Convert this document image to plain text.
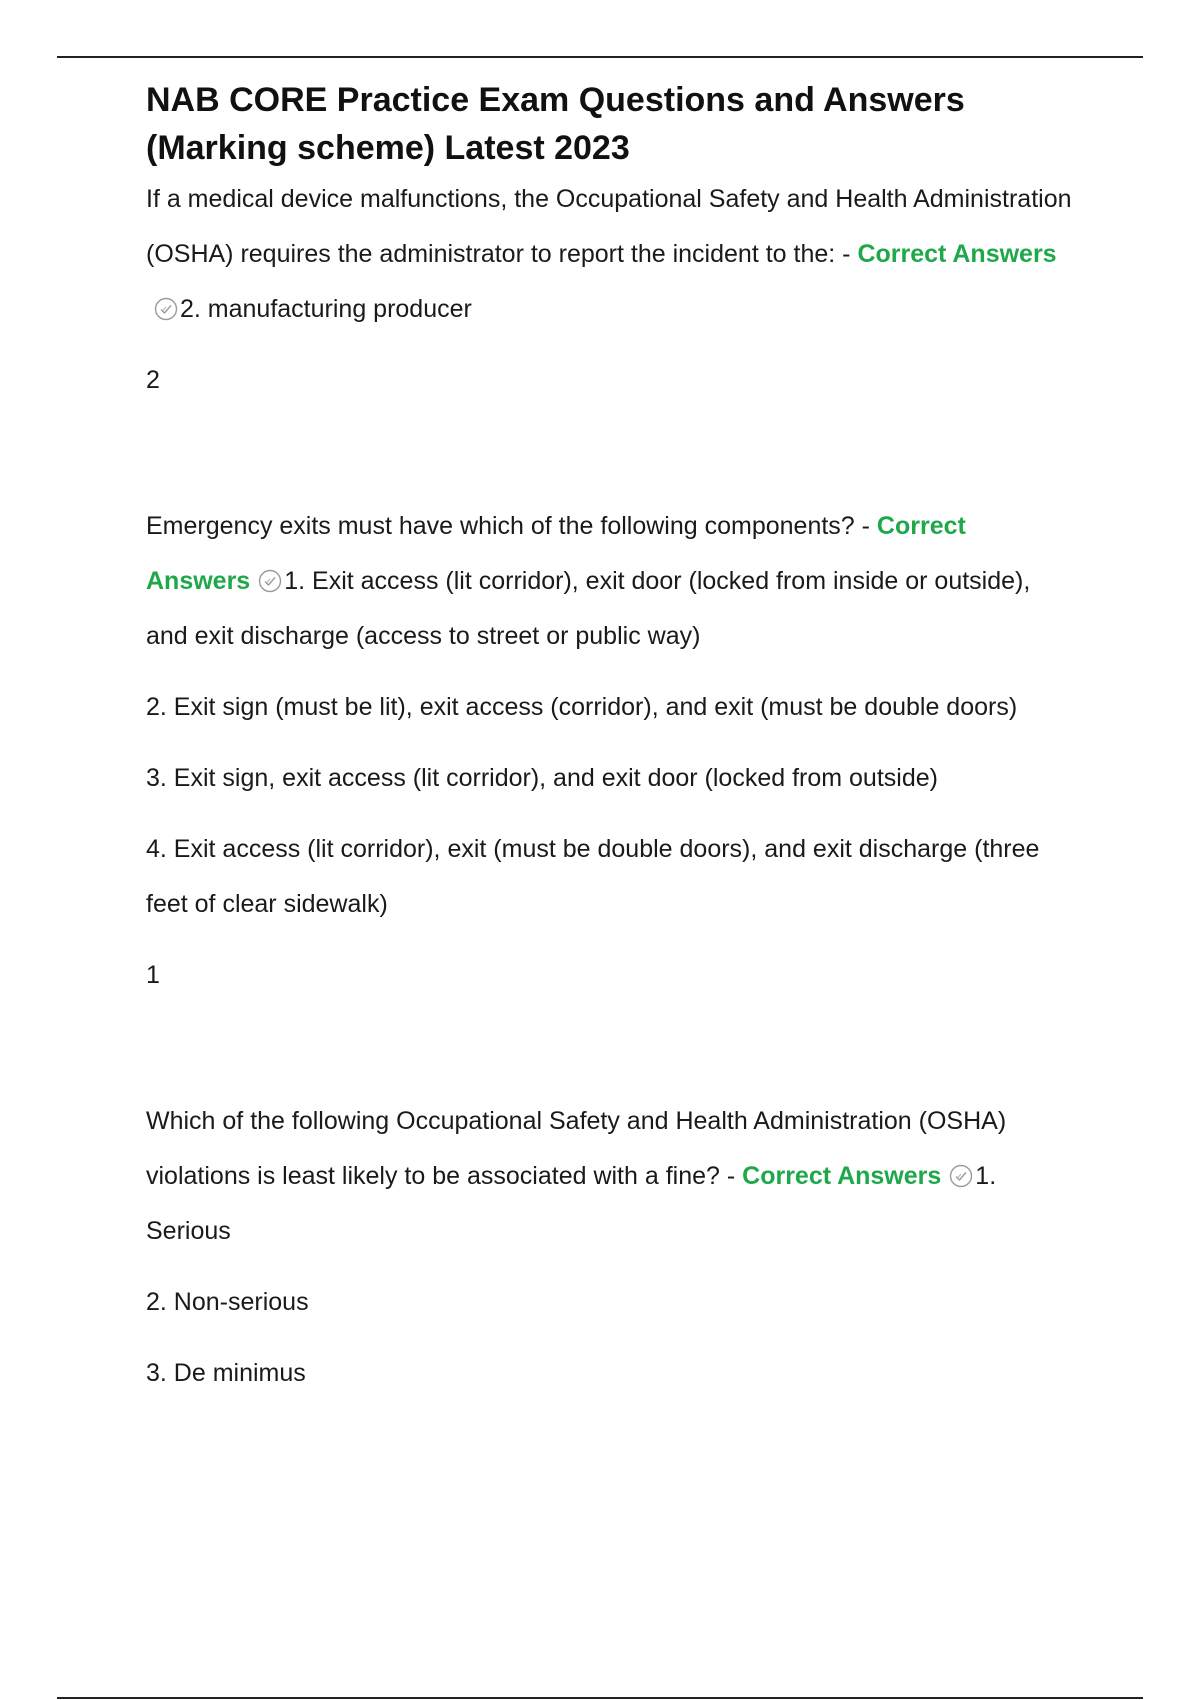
NAB CORE Practice Exam Questions and Answers
(Marking scheme) Latest 2023

If a medical device malfunctions, the Occupational Safety and Health Administration (OSHA) requires the administrator to report the incident to the: - Correct Answers2. manufacturing producer

2

Emergency exits must have which of the following components? - Correct Answers 1. Exit access (lit corridor), exit door (locked from inside or outside), and exit discharge (access to street or public way)

2. Exit sign (must be lit), exit access (corridor), and exit (must be double doors)

3. Exit sign, exit access (lit corridor), and exit door (locked from outside)

4. Exit access (lit corridor), exit (must be double doors), and exit discharge (three feet of clear sidewalk)

1

Which of the following Occupational Safety and Health Administration (OSHA) violations is least likely to be associated with a fine? - Correct Answers 1. Serious

2. Non-serious

3. De minimus
